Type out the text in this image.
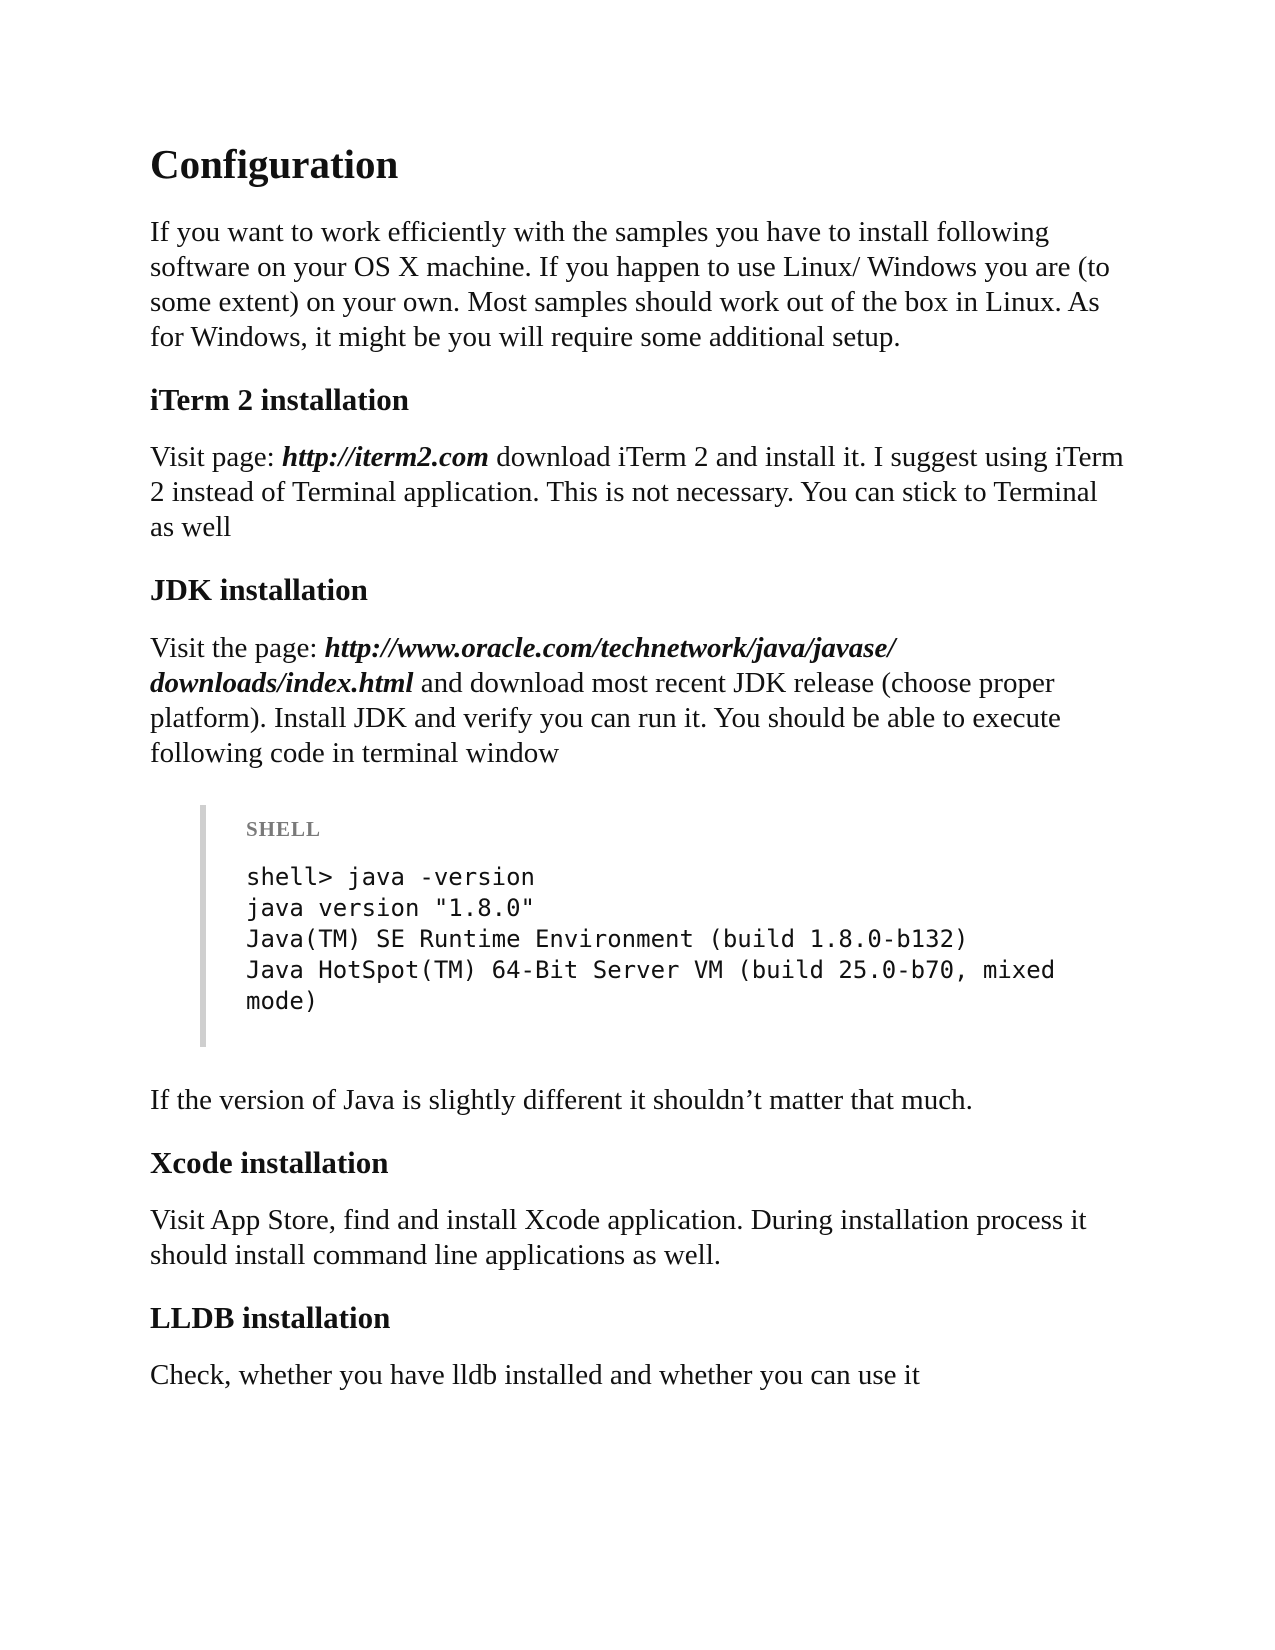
Configuration

If you want to work efficiently with the samples you have to install following software on your OS X machine. If you happen to use Linux/ Windows you are (to some extent) on your own. Most samples should work out of the box in Linux. As for Windows, it might be you will require some additional setup.

iTerm 2 installation

Visit page: http://iterm2.com download iTerm 2 and install it. I suggest using iTerm 2 instead of Terminal application. This is not necessary. You can stick to Terminal as well

JDK installation

Visit the page: http://www.oracle.com/technetwork/java/javase/ downloads/index.html and download most recent JDK release (choose proper platform). Install JDK and verify you can run it. You should be able to execute following code in terminal window

SHELL
shell> java -version
java version "1.8.0"
Java(TM) SE Runtime Environment (build 1.8.0-b132)
Java HotSpot(TM) 64-Bit Server VM (build 25.0-b70, mixed
mode)

If the version of Java is slightly different it shouldn’t matter that much.

Xcode installation

Visit App Store, find and install Xcode application. During installation process it should install command line applications as well.

LLDB installation

Check, whether you have lldb installed and whether you can use it
